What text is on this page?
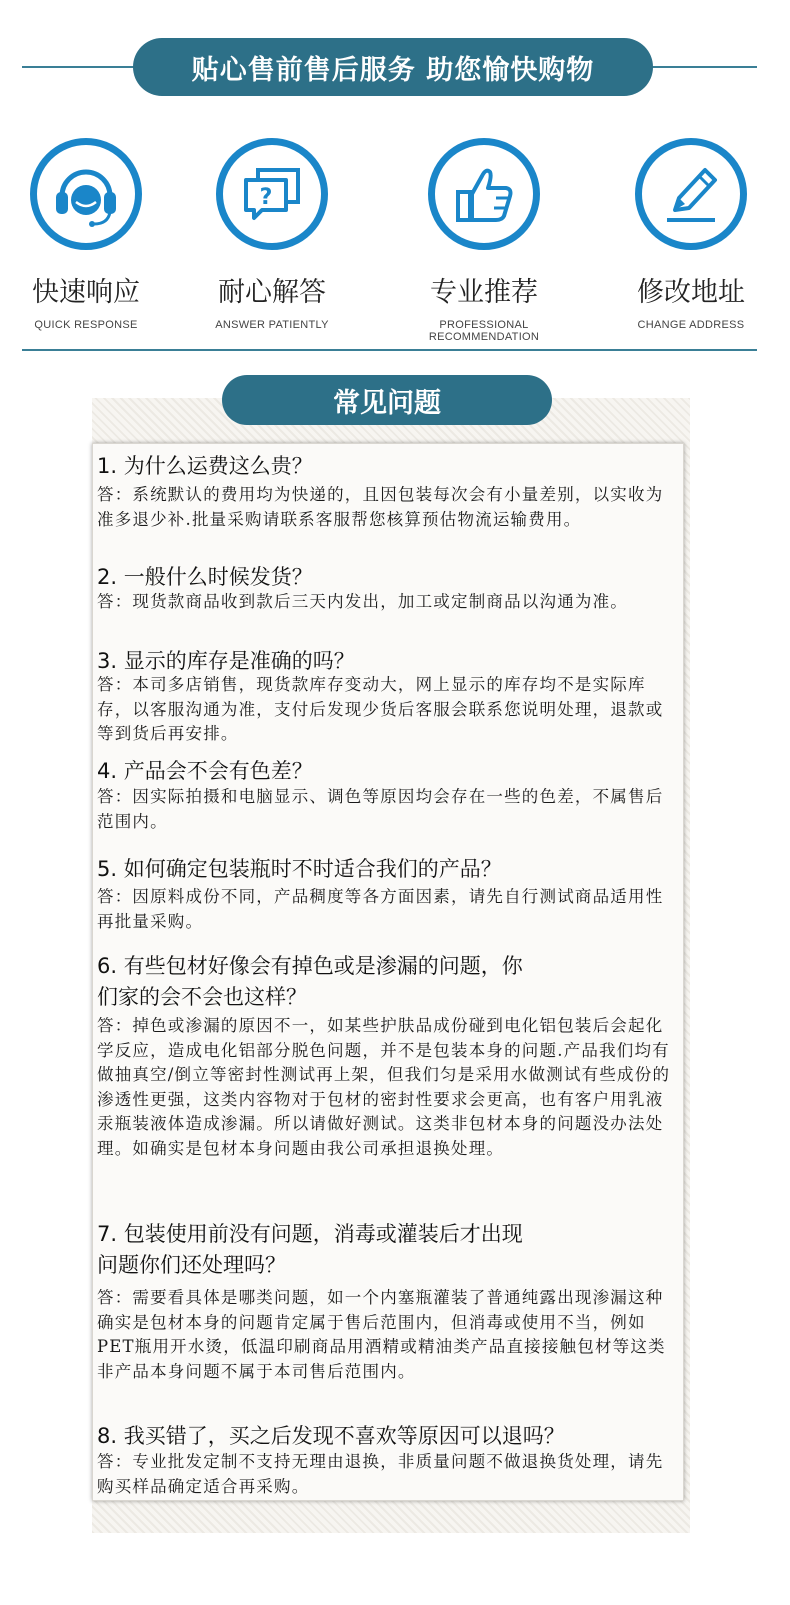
贴心售前售后服务 助您愉快购物
快速响应
QUICK RESPONSE
?
耐心解答
ANSWER PATIENTLY
专业推荐
PROFESSIONAL RECOMMENDATION
修改地址
CHANGE ADDRESS
常见问题
1. 为什么运费这么贵？
答：系统默认的费用均为快递的，且因包装每次会有小量差别，以实收为准多退少补.批量采购请联系客服帮您核算预估物流运输费用。
2. 一般什么时候发货？
答：现货款商品收到款后三天内发出，加工或定制商品以沟通为准。
3. 显示的库存是准确的吗？
答：本司多店销售，现货款库存变动大，网上显示的库存均不是实际库存，以客服沟通为准，支付后发现少货后客服会联系您说明处理，退款或等到货后再安排。
4. 产品会不会有色差？
答：因实际拍摄和电脑显示、调色等原因均会存在一些的色差，不属售后范围内。
5. 如何确定包装瓶时不时适合我们的产品？
答：因原料成份不同，产品稠度等各方面因素，请先自行测试商品适用性再批量采购。
6. 有些包材好像会有掉色或是渗漏的问题，你
们家的会不会也这样？
答：掉色或渗漏的原因不一，如某些护肤品成份碰到电化铝包装后会起化学反应，造成电化铝部分脱色问题，并不是包装本身的问题.产品我们均有做抽真空/倒立等密封性测试再上架，但我们匀是采用水做测试有些成份的渗透性更强，这类内容物对于包材的密封性要求会更高，也有客户用乳液汞瓶装液体造成渗漏。所以请做好测试。这类非包材本身的问题没办法处理。如确实是包材本身问题由我公司承担退换处理。
7. 包装使用前没有问题，消毒或灌装后才出现
问题你们还处理吗？
答：需要看具体是哪类问题，如一个内塞瓶灌装了普通纯露出现渗漏这种确实是包材本身的问题肯定属于售后范围内，但消毒或使用不当，例如PET瓶用开水烫，低温印刷商品用酒精或精油类产品直接接触包材等这类非产品本身问题不属于本司售后范围内。
8. 我买错了，买之后发现不喜欢等原因可以退吗？
答：专业批发定制不支持无理由退换，非质量问题不做退换货处理，请先购买样品确定适合再采购。
